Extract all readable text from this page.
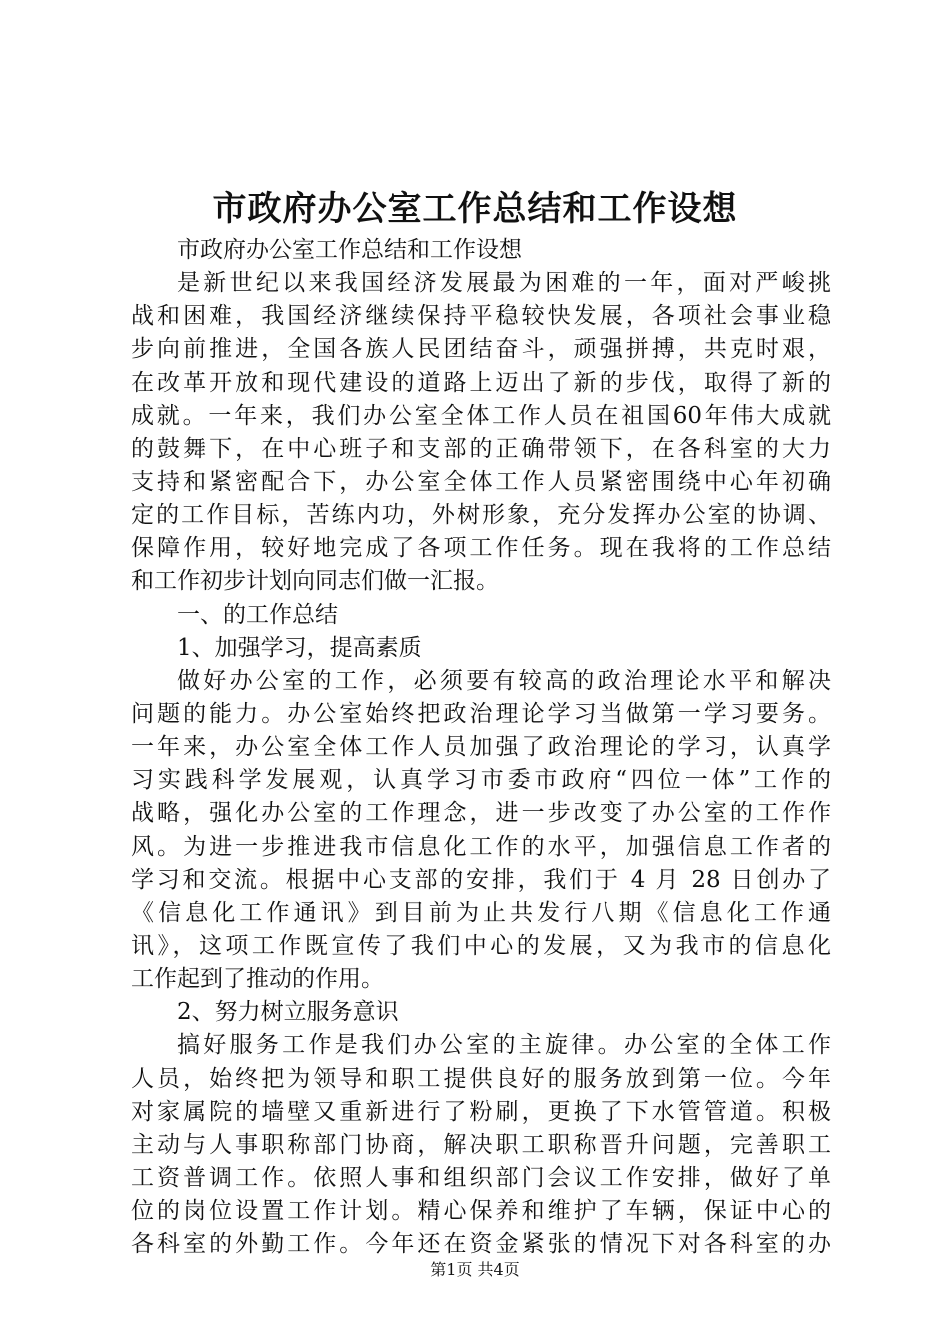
市政府办公室工作总结和工作设想
市政府办公室工作总结和工作设想
是新世纪以来我国经济发展最为困难的一年，面对严峻挑
战和困难，我国经济继续保持平稳较快发展，各项社会事业稳
步向前推进，全国各族人民团结奋斗，顽强拼搏，共克时艰，
在改革开放和现代建设的道路上迈出了新的步伐，取得了新的
成就。一年来，我们办公室全体工作人员在祖国60年伟大成就
的鼓舞下，在中心班子和支部的正确带领下，在各科室的大力
支持和紧密配合下，办公室全体工作人员紧密围绕中心年初确
定的工作目标，苦练内功，外树形象，充分发挥办公室的协调、
保障作用，较好地完成了各项工作任务。现在我将的工作总结
和工作初步计划向同志们做一汇报。
一、的工作总结
1、加强学习，提高素质
做好办公室的工作，必须要有较高的政治理论水平和解决
问题的能力。办公室始终把政治理论学习当做第一学习要务。
一年来，办公室全体工作人员加强了政治理论的学习，认真学
习实践科学发展观，认真学习市委市政府“四位一体”工作的
战略，强化办公室的工作理念，进一步改变了办公室的工作作
风。为进一步推进我市信息化工作的水平，加强信息工作者的
学习和交流。根据中心支部的安排，我们于 4 月 28 日创办了
《信息化工作通讯》到目前为止共发行八期《信息化工作通
讯》，这项工作既宣传了我们中心的发展，又为我市的信息化
工作起到了推动的作用。
2、努力树立服务意识
搞好服务工作是我们办公室的主旋律。办公室的全体工作
人员，始终把为领导和职工提供良好的服务放到第一位。今年
对家属院的墙壁又重新进行了粉刷，更换了下水管管道。积极
主动与人事职称部门协商，解决职工职称晋升问题，完善职工
工资普调工作。依照人事和组织部门会议工作安排，做好了单
位的岗位设置工作计划。精心保养和维护了车辆，保证中心的
各科室的外勤工作。今年还在资金紧张的情况下对各科室的办
第1页 共4页
